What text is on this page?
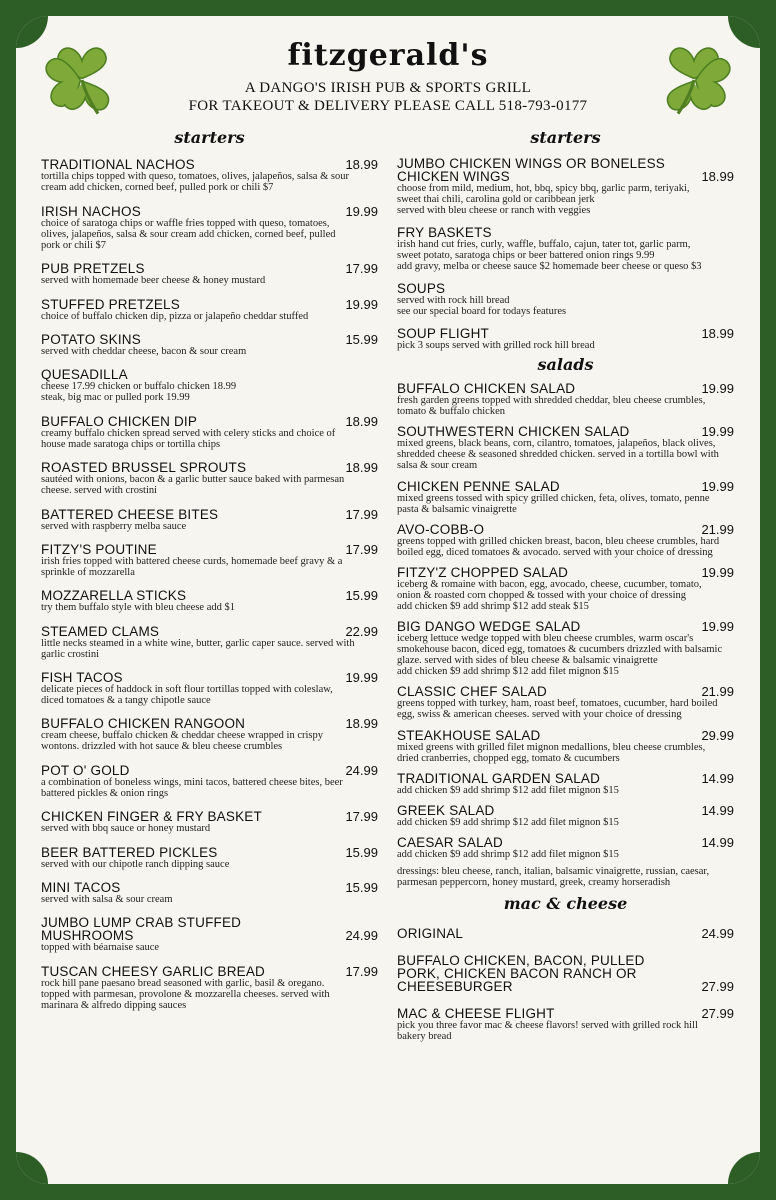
fitzgerald's
A DANGO'S IRISH PUB & SPORTS GRILL
FOR TAKEOUT & DELIVERY PLEASE CALL 518-793-0177
starters
TRADITIONAL NACHOS	18.99
tortilla chips topped with queso, tomatoes, olives, jalapeños, salsa & sour
cream add chicken, corned beef, pulled pork or chili $7
IRISH NACHOS	19.99
choice of saratoga chips or waffle fries topped with queso, tomatoes,
olives, jalapeños, salsa & sour cream add chicken, corned beef, pulled
pork or chili $7
PUB PRETZELS	17.99
served with homemade beer cheese & honey mustard
STUFFED PRETZELS	19.99
choice of buffalo chicken dip, pizza or jalapeño cheddar stuffed
POTATO SKINS	15.99
served with cheddar cheese, bacon & sour cream
QUESADILLA
cheese 17.99 chicken or buffalo chicken 18.99
steak, big mac or pulled pork 19.99
BUFFALO CHICKEN DIP	18.99
creamy buffalo chicken spread served with celery sticks and choice of
house made saratoga chips or tortilla chips
ROASTED BRUSSEL SPROUTS	18.99
sautéed with onions, bacon & a garlic butter sauce baked with parmesan
cheese. served with crostini
BATTERED CHEESE BITES	17.99
served with raspberry melba sauce
FITZY'S POUTINE	17.99
irish fries topped with battered cheese curds, homemade beef gravy & a
sprinkle of mozzarella
MOZZARELLA STICKS	15.99
try them buffalo style with bleu cheese add $1
STEAMED CLAMS	22.99
little necks steamed in a white wine, butter, garlic caper sauce. served with
garlic crostini
FISH TACOS	19.99
delicate pieces of haddock in soft flour tortillas topped with coleslaw,
diced tomatoes & a tangy chipotle sauce
BUFFALO CHICKEN RANGOON	18.99
cream cheese, buffalo chicken & cheddar cheese wrapped in crispy
wontons. drizzled with hot sauce & bleu cheese crumbles
POT O' GOLD	24.99
a combination of boneless wings, mini tacos, battered cheese bites, beer
battered pickles & onion rings
CHICKEN FINGER & FRY BASKET	17.99
served with bbq sauce or honey mustard
BEER BATTERED PICKLES	15.99
served with our chipotle ranch dipping sauce
MINI TACOS	15.99
served with salsa & sour cream
JUMBO LUMP CRAB STUFFED MUSHROOMS	24.99
topped with béarnaise sauce
TUSCAN CHEESY GARLIC BREAD	17.99
rock hill pane paesano bread seasoned with garlic, basil & oregano.
topped with parmesan, provolone & mozzarella cheeses. served with
marinara & alfredo dipping sauces
starters
JUMBO CHICKEN WINGS OR BONELESS CHICKEN WINGS	18.99
choose from mild, medium, hot, bbq, spicy bbq, garlic parm, teriyaki,
sweet thai chili, carolina gold or caribbean jerk
served with bleu cheese or ranch with veggies
FRY BASKETS
irish hand cut fries, curly, waffle, buffalo, cajun, tater tot, garlic parm,
sweet potato, saratoga chips or beer battered onion rings 9.99
add gravy, melba or cheese sauce $2 homemade beer cheese or queso $3
SOUPS
served with rock hill bread
see our special board for todays features
SOUP FLIGHT	18.99
pick 3 soups served with grilled rock hill bread
salads
BUFFALO CHICKEN SALAD	19.99
fresh garden greens topped with shredded cheddar, bleu cheese crumbles,
tomato & buffalo chicken
SOUTHWESTERN CHICKEN SALAD	19.99
mixed greens, black beans, corn, cilantro, tomatoes, jalapeños, black olives,
shredded cheese & seasoned shredded chicken. served in a tortilla bowl with
salsa & sour cream
CHICKEN PENNE SALAD	19.99
mixed greens tossed with spicy grilled chicken, feta, olives, tomato, penne
pasta & balsamic vinaigrette
AVO-COBB-O	21.99
greens topped with grilled chicken breast, bacon, bleu cheese crumbles, hard
boiled egg, diced tomatoes & avocado. served with your choice of dressing
FITZY'Z CHOPPED SALAD	19.99
iceberg & romaine with bacon, egg, avocado, cheese, cucumber, tomato,
onion & roasted corn chopped & tossed with your choice of dressing
add chicken $9 add shrimp $12 add steak $15
BIG DANGO WEDGE SALAD	19.99
iceberg lettuce wedge topped with bleu cheese crumbles, warm oscar's
smokehouse bacon, diced egg, tomatoes & cucumbers drizzled with balsamic
glaze. served with sides of bleu cheese & balsamic vinaigrette
add chicken $9 add shrimp $12 add filet mignon $15
CLASSIC CHEF SALAD	21.99
greens topped with turkey, ham, roast beef, tomatoes, cucumber, hard boiled
egg, swiss & american cheeses. served with your choice of dressing
STEAKHOUSE SALAD	29.99
mixed greens with grilled filet mignon medallions, bleu cheese crumbles,
dried cranberries, chopped egg, tomato & cucumbers
TRADITIONAL GARDEN SALAD	14.99
add chicken $9 add shrimp $12 add filet mignon $15
GREEK SALAD	14.99
add chicken $9 add shrimp $12 add filet mignon $15
CAESAR SALAD	14.99
add chicken $9 add shrimp $12 add filet mignon $15
dressings: bleu cheese, ranch, italian, balsamic vinaigrette, russian, caesar,
parmesan peppercorn, honey mustard, greek, creamy horseradish
mac & cheese
ORIGINAL	24.99
BUFFALO CHICKEN, BACON, PULLED PORK, CHICKEN BACON RANCH OR CHEESEBURGER	27.99
MAC & CHEESE FLIGHT	27.99
pick you three favor mac & cheese flavors! served with grilled rock hill
bakery bread
